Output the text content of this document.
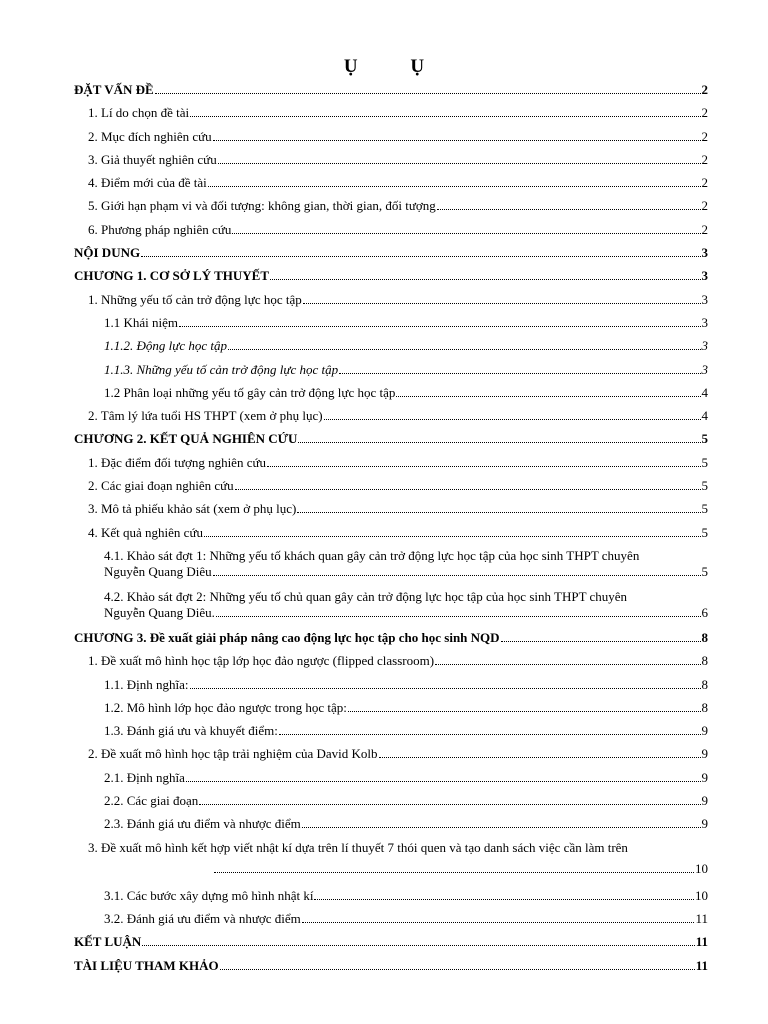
Ụ Ụ
ĐẶT VẤN ĐỀ	2
1. Lí do chọn đề tài	2
2. Mục đích nghiên cứu	2
3. Giả thuyết nghiên cứu	2
4. Điểm mới của đề tài	2
5. Giới hạn phạm vi và đối tượng: không gian, thời gian, đối tượng	2
6. Phương pháp nghiên cứu	2
NỘI DUNG	3
CHƯƠNG 1. CƠ SỞ LÝ THUYẾT	3
1. Những yếu tố cản trở động lực học tập	3
1.1 Khái niệm	3
1.1.2. Động lực học tập	3
1.1.3. Những yếu tố cản trở động lực học tập	3
1.2 Phân loại những yếu tố gây cản trở động lực học tập	4
2. Tâm lý lứa tuổi HS THPT (xem ở phụ lục)	4
CHƯƠNG 2. KẾT QUẢ NGHIÊN CỨU	5
1. Đặc điểm đối tượng nghiên cứu	5
2. Các giai đoạn nghiên cứu	5
3. Mô tả phiếu khảo sát (xem ở phụ lục)	5
4. Kết quả nghiên cứu	5
4.1. Khảo sát đợt 1: Những yếu tố khách quan gây cản trở động lực học tập của học sinh THPT chuyên
Nguyễn Quang Diêu	5
4.2. Khảo sát đợt 2: Những yếu tố chủ quan gây cản trở động lực học tập của học sinh THPT chuyên
Nguyễn Quang Diêu.	6
CHƯƠNG 3. Đề xuất giải pháp nâng cao động lực học tập cho học sinh NQD	8
1. Đề xuất mô hình học tập lớp học đảo ngược (flipped classroom)	8
1.1. Định nghĩa:	8
1.2. Mô hình lớp học đảo ngược trong học tập:	8
1.3. Đánh giá ưu và khuyết điểm:	9
2. Đề xuất mô hình học tập trải nghiệm của David Kolb	9
2.1. Định nghĩa	9
2.2. Các giai đoạn	9
2.3. Đánh giá ưu điểm và nhược điểm	9
3. Đề xuất mô hình kết hợp viết nhật kí dựa trên lí thuyết 7 thói quen và tạo danh sách việc cần làm trên
10
3.1. Các bước xây dựng mô hình nhật kí	10
3.2. Đánh giá ưu điểm và nhược điểm	11
KẾT LUẬN	11
TÀI LIỆU THAM KHẢO	11
